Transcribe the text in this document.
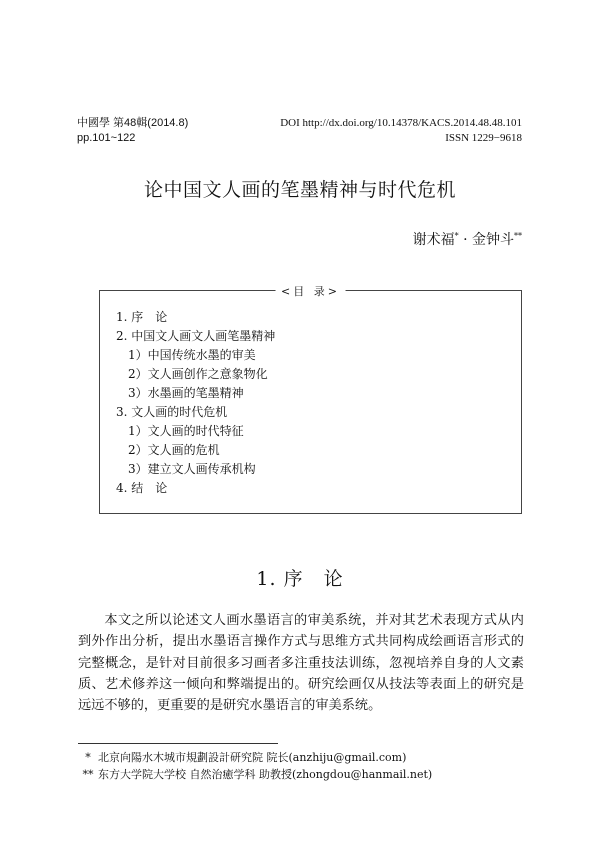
中國學 第48輯(2014.8)
pp.101~122
DOI http://dx.doi.org/10.14378/KACS.2014.48.48.101
ISSN 1229−9618
论中国文人画的笔墨精神与时代危机
谢术福* · 金钟斗**
<目 录>
1. 序　论
2. 中国文人画文人画笔墨精神
1）中国传统水墨的审美
2）文人画创作之意象物化
3）水墨画的笔墨精神
3. 文人画的时代危机
1）文人画的时代特征
2）文人画的危机
3）建立文人画传承机构
4. 结　论
1. 序　论

本文之所以论述文人画水墨语言的审美系统，并对其艺术表现方式从内到外作出分析，提出水墨语言操作方式与思维方式共同构成绘画语言形式的完整概念，是针对目前很多习画者多注重技法训练，忽视培养自身的人文素质、艺术修养这一倾向和弊端提出的。研究绘画仅从技法等表面上的研究是远远不够的，更重要的是研究水墨语言的审美系统。

* 北京向陽水木城市規劃設計研究院 院长(anzhiju@gmail.com)
** 东方大学院大学校 自然治癒学科 助教授(zhongdou@hanmail.net)
